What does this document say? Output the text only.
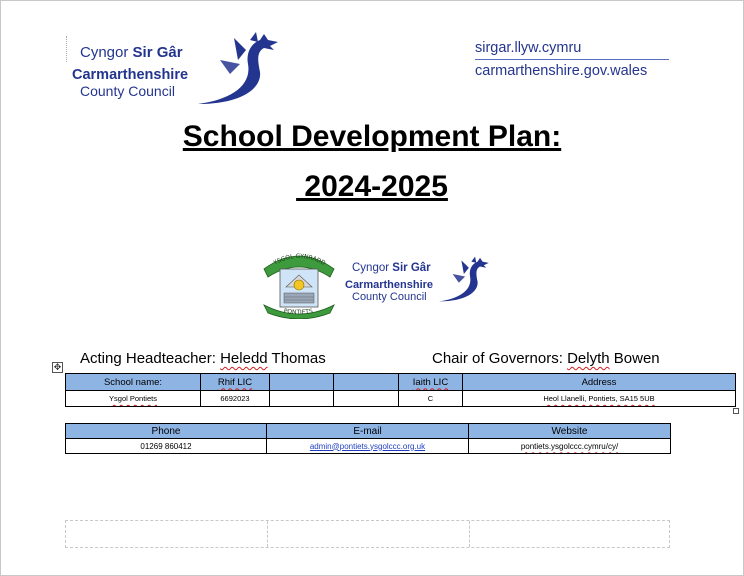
Cyngor Sir Gâr
Carmarthenshire
County Council
sirgar.llyw.cymru
carmarthenshire.gov.wales
School Development Plan:
2024-2025
YSGOL GYNRADD
PONTIETS
Cyngor Sir Gâr
Carmarthenshire
County Council
Acting Headteacher: Heledd Thomas	Chair of Governors: Delyth Bowen
✥
School name:	Rhif LIC			Iaith LIC	Address
Ysgol Pontiets	6692023			C	Heol Llanelli, Pontiets, SA15 5UB
Phone	E-mail	Website
01269 860412	admin@pontiets.ysgolccc.org.uk	pontiets.ysgolccc.cymru/cy/
